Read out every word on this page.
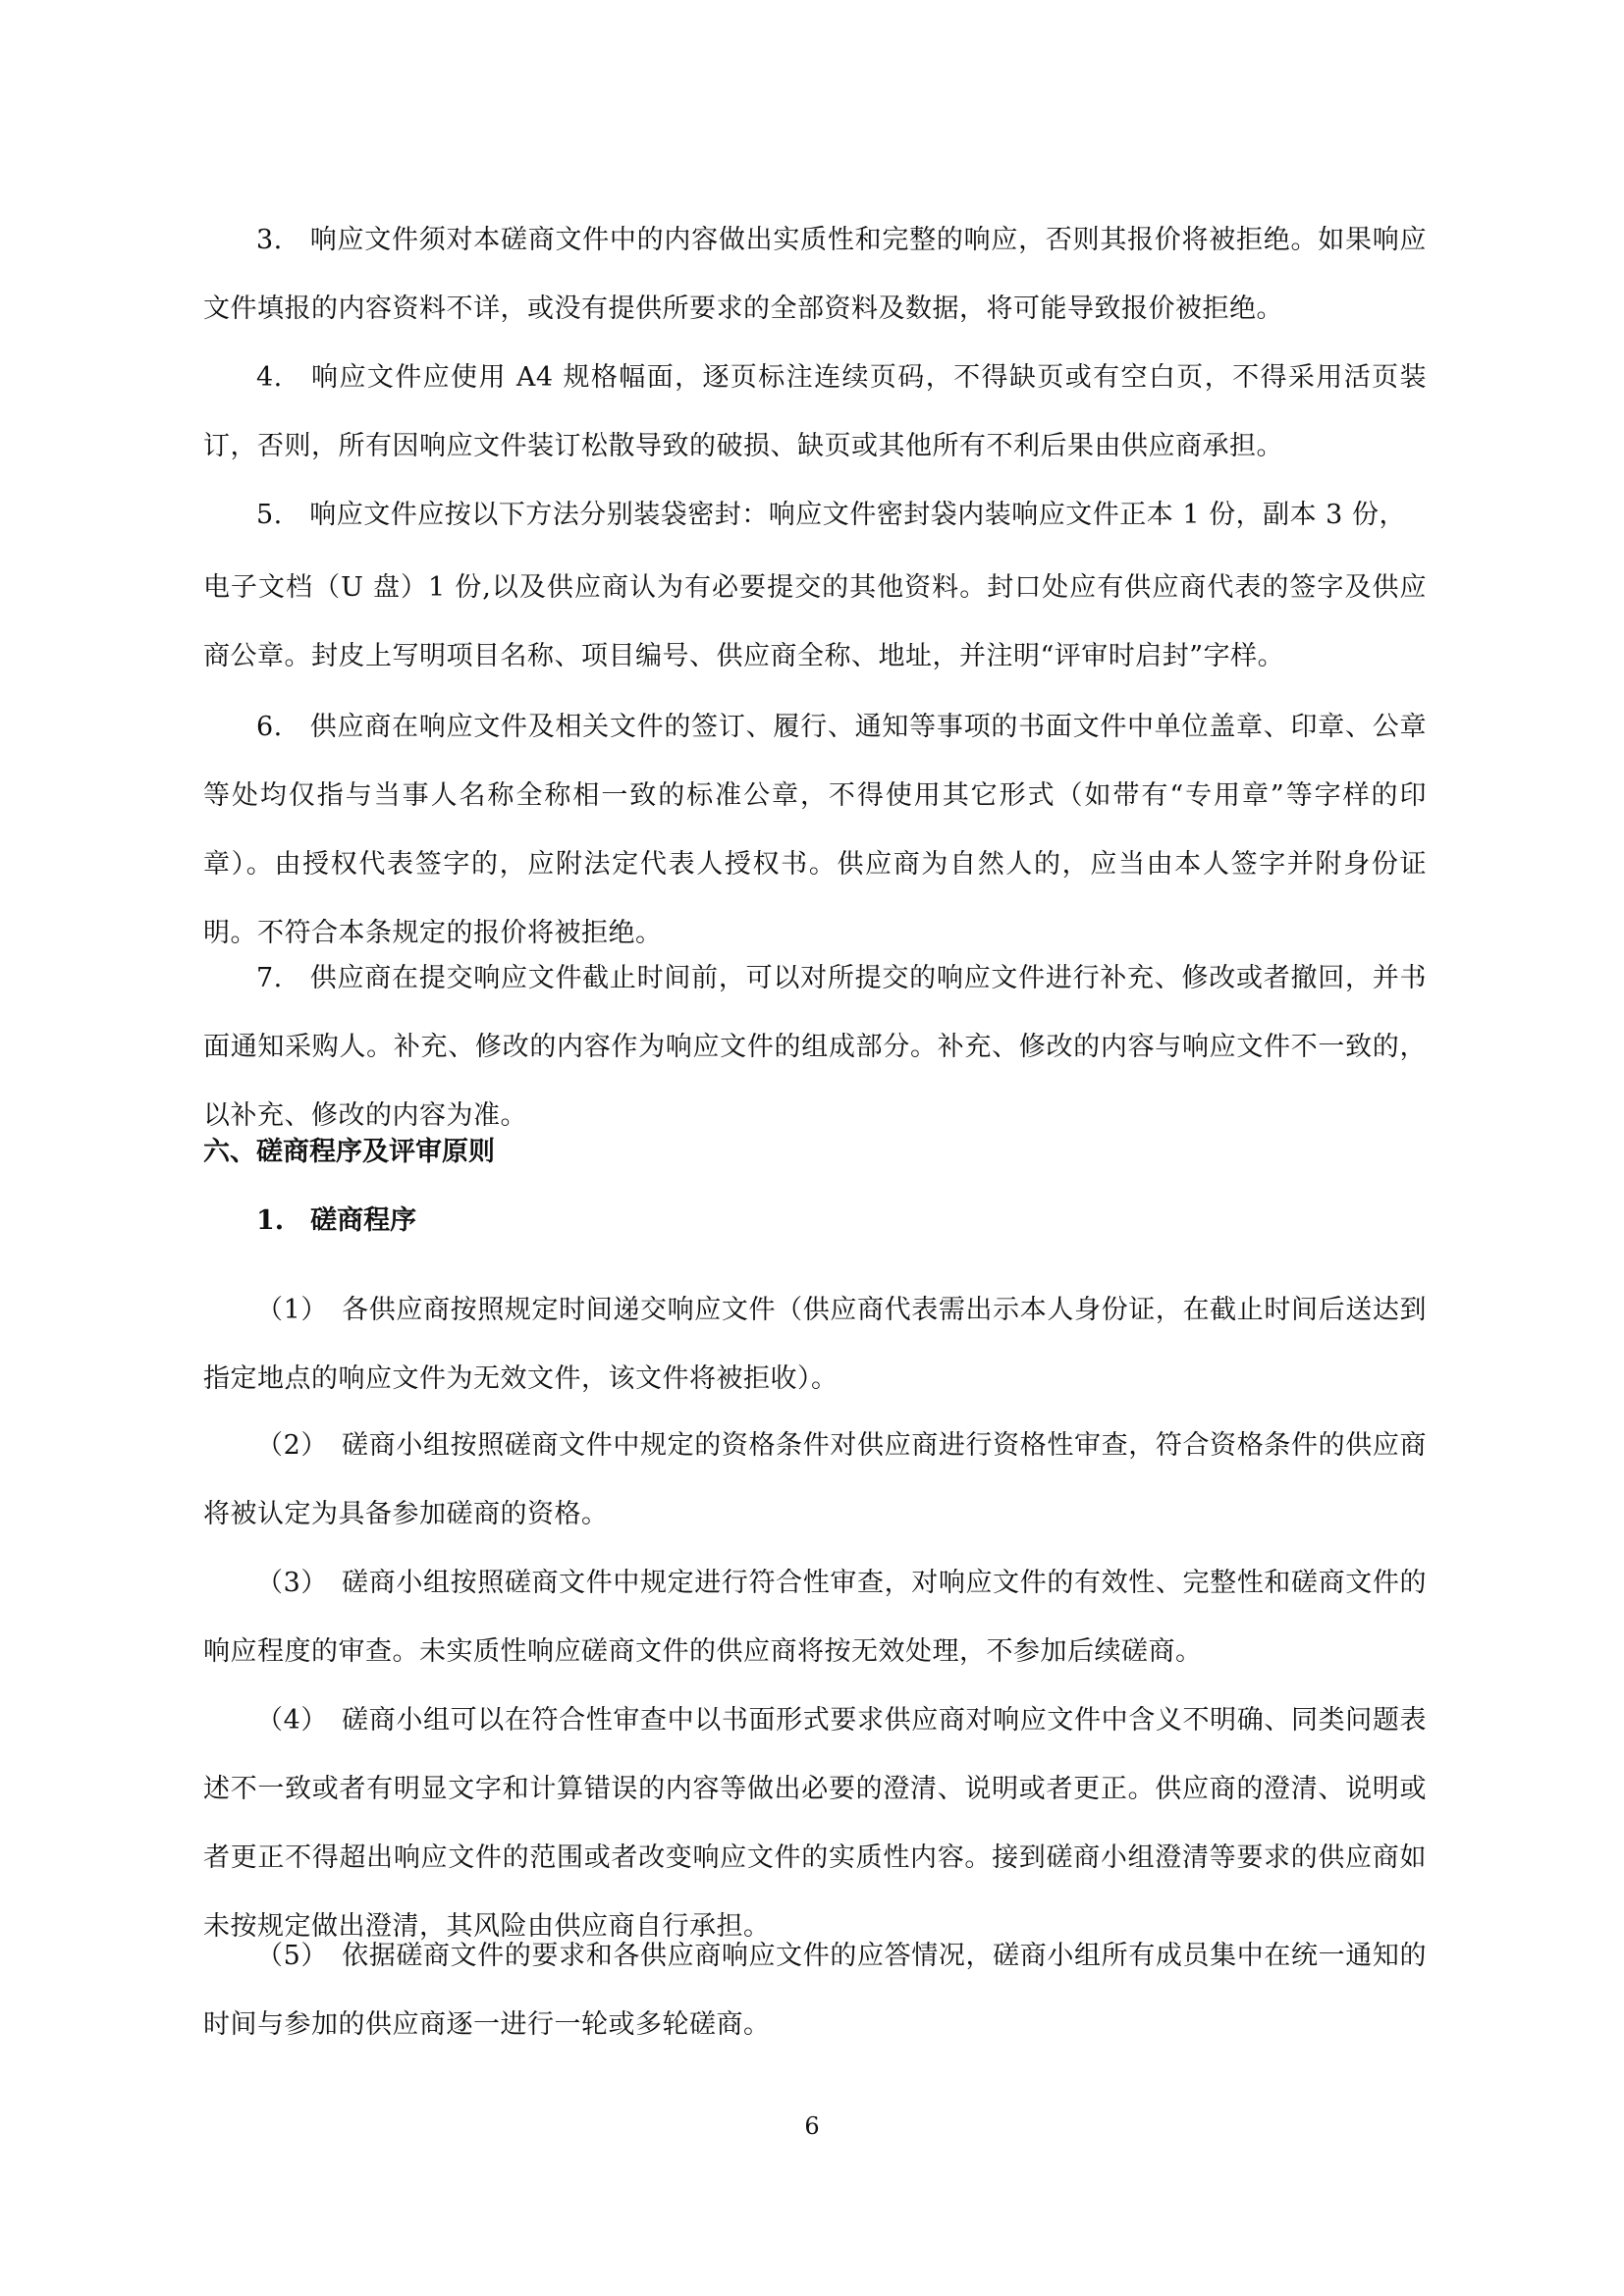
3.　响应文件须对本磋商文件中的内容做出实质性和完整的响应，否则其报价将被拒绝。如果响应文件填报的内容资料不详，或没有提供所要求的全部资料及数据，将可能导致报价被拒绝。

4.　响应文件应使用 A4 规格幅面，逐页标注连续页码，不得缺页或有空白页，不得采用活页装订，否则，所有因响应文件装订松散导致的破损、缺页或其他所有不利后果由供应商承担。

5.　响应文件应按以下方法分别装袋密封：响应文件密封袋内装响应文件正本 1 份，副本 3 份，

电子文档（U 盘）1 份,以及供应商认为有必要提交的其他资料。封口处应有供应商代表的签字及供应商公章。封皮上写明项目名称、项目编号、供应商全称、地址，并注明“评审时启封”字样。

6.　供应商在响应文件及相关文件的签订、履行、通知等事项的书面文件中单位盖章、印章、公章等处均仅指与当事人名称全称相一致的标准公章，不得使用其它形式（如带有“专用章”等字样的印章）。由授权代表签字的，应附法定代表人授权书。供应商为自然人的，应当由本人签字并附身份证明。不符合本条规定的报价将被拒绝。

7.　供应商在提交响应文件截止时间前，可以对所提交的响应文件进行补充、修改或者撤回，并书面通知采购人。补充、修改的内容作为响应文件的组成部分。补充、修改的内容与响应文件不一致的，以补充、修改的内容为准。

六、磋商程序及评审原则
1.　磋商程序

（1）　各供应商按照规定时间递交响应文件（供应商代表需出示本人身份证，在截止时间后送达到指定地点的响应文件为无效文件，该文件将被拒收）。

（2）　磋商小组按照磋商文件中规定的资格条件对供应商进行资格性审查，符合资格条件的供应商将被认定为具备参加磋商的资格。

（3）　磋商小组按照磋商文件中规定进行符合性审查，对响应文件的有效性、完整性和磋商文件的响应程度的审查。未实质性响应磋商文件的供应商将按无效处理，不参加后续磋商。

（4）　磋商小组可以在符合性审查中以书面形式要求供应商对响应文件中含义不明确、同类问题表述不一致或者有明显文字和计算错误的内容等做出必要的澄清、说明或者更正。供应商的澄清、说明或者更正不得超出响应文件的范围或者改变响应文件的实质性内容。接到磋商小组澄清等要求的供应商如未按规定做出澄清，其风险由供应商自行承担。

（5）　依据磋商文件的要求和各供应商响应文件的应答情况，磋商小组所有成员集中在统一通知的时间与参加的供应商逐一进行一轮或多轮磋商。

6
